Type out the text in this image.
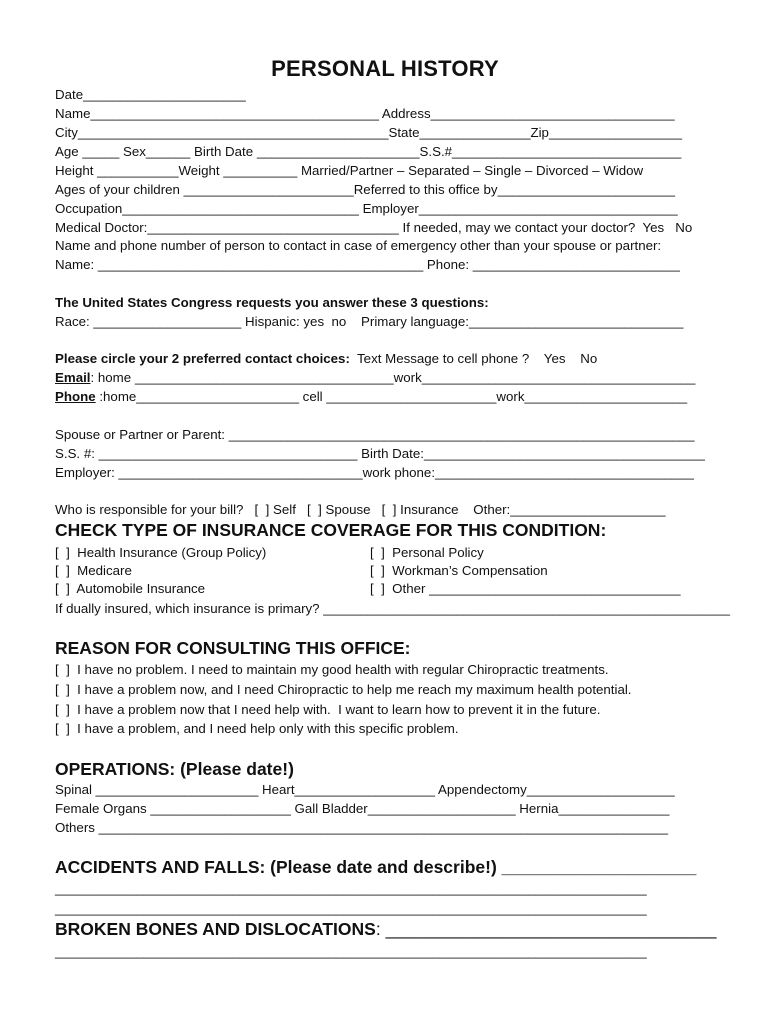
PERSONAL HISTORY
Date______________________
Name_______________________________________ Address_________________________________
City__________________________________________State_______________Zip__________________
Age _____ Sex______ Birth Date ______________________S.S.#_______________________________
Height ___________Weight __________ Married/Partner – Separated – Single – Divorced – Widow
Ages of your children _______________________Referred to this office by________________________
Occupation________________________________ Employer___________________________________
Medical Doctor:__________________________________ If needed, may we contact your doctor?  Yes   No
Name and phone number of person to contact in case of emergency other than your spouse or partner:
Name: ____________________________________________ Phone: ____________________________
The United States Congress requests you answer these 3 questions:
Race: ____________________ Hispanic: yes  no    Primary language:_____________________________
Please circle your 2 preferred contact choices:  Text Message to cell phone ?    Yes    No
Email: home ___________________________________work_____________________________________
Phone :home______________________ cell _______________________work______________________
Spouse or Partner or Parent: _______________________________________________________________
S.S. #: ___________________________________ Birth Date:______________________________________
Employer: _________________________________work phone:___________________________________
Who is responsible for your bill?   [  ] Self   [  ] Spouse   [  ] Insurance    Other:_____________________
CHECK TYPE OF INSURANCE COVERAGE FOR THIS CONDITION:
[  ]  Health Insurance (Group Policy)
[  ]  Medicare
[  ]  Automobile Insurance
[  ]  Personal Policy
[  ]  Workman’s Compensation
[  ]  Other __________________________________
If dually insured, which insurance is primary? _______________________________________________________
REASON FOR CONSULTING THIS OFFICE:
[  ]  I have no problem. I need to maintain my good health with regular Chiropractic treatments.
[  ]  I have a problem now, and I need Chiropractic to help me reach my maximum health potential.
[  ]  I have a problem now that I need help with.  I want to learn how to prevent it in the future.
[  ]  I have a problem, and I need help only with this specific problem.
OPERATIONS: (Please date!)
Spinal ______________________ Heart___________________ Appendectomy____________________
Female Organs ___________________ Gall Bladder____________________ Hernia_______________
Others _____________________________________________________________________________
ACCIDENTS AND FALLS: (Please date and describe!) ____________________
________________________________________________________________________________
________________________________________________________________________________
BROKEN BONES AND DISLOCATIONS: __________________________________
________________________________________________________________________________
